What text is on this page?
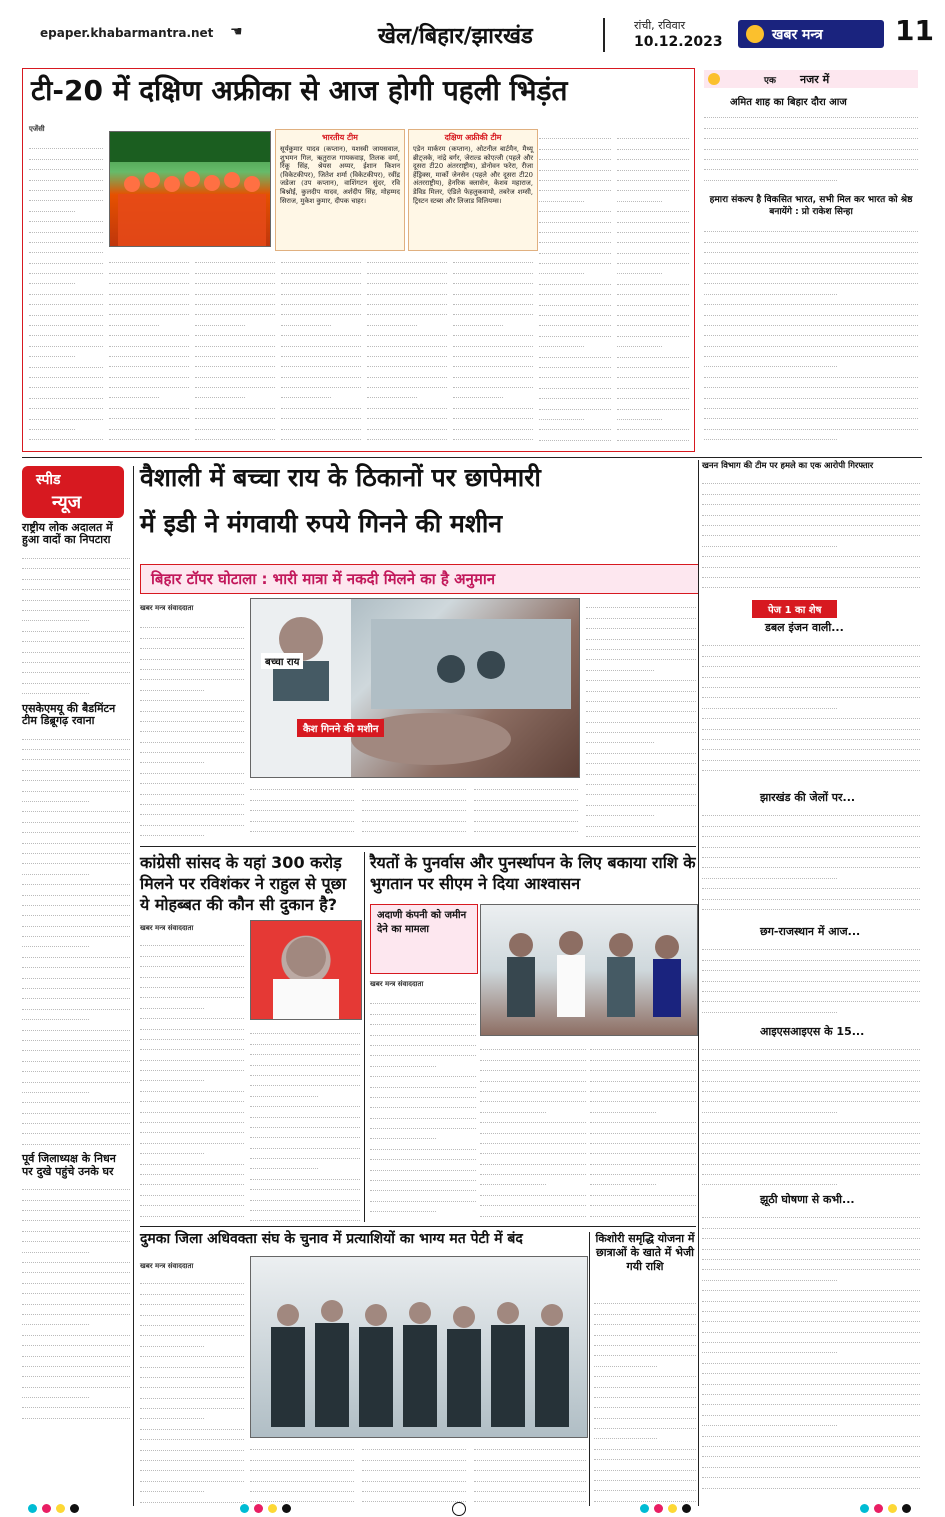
epaper.khabarmantra.net ☚	खेल/बिहार/झारखंड	रांची, रविवार
10.12.2023	खबर मन्त्र	11
टी-20 में दक्षिण अफ्रीका से आज होगी पहली भिड़ंत
भारतीय टीम
सूर्यकुमार यादव (कप्तान), यशस्वी जायसवाल, शुभमन गिल, ऋतुराज गायकवाड़, तिलक वर्मा, रिंकू सिंह, श्रेयस अय्यर, ईशान किशन (विकेटकीपर), जितेश शर्मा (विकेटकीपर), रवींद्र जडेजा (उप कप्तान), वाशिंगटन सुंदर, रवि बिश्नोई, कुलदीप यादव, अर्शदीप सिंह, मोहम्मद सिराज, मुकेश कुमार, दीपक चाहर।
दक्षिण अफ्रीकी टीम
एडेन मार्करम (कप्तान), ओटनील बार्टमैन, मैथ्यू ब्रीट्जके, नांद्रे बर्गर, जेराल्ड कोएत्जी (पहले और दूसरा टी20 अंतरराष्ट्रीय), डोनोवन फरेरा, रीजा हेंड्रिक्स, मार्को जेनसेन (पहले और दूसरा टी20 अंतरराष्ट्रीय), हेनरिक क्लासेन, केशव महाराज, डेविड मिलर, एंडिले फेहलुकवायो, तबरेज शम्सी, ट्रिस्टन स्टब्स और लिजाड विलियम्स।
एजेंसी
एक नजर में
अमित शाह का बिहार दौरा आज
हमारा संकल्प है विकसित भारत, सभी मिल कर भारत को श्रेष्ठ बनायेंगे : प्रो राकेश सिन्हा
स्पीड
न्यूज
राष्ट्रीय लोक अदालत में हुआ वादों का निपटारा
एसकेएमयू की बैडमिंटन टीम डिब्रूगढ़ रवाना
पूर्व जिलाध्यक्ष के निधन पर दुखे पहुंचे उनके घर
वैशाली में बच्चा राय के ठिकानों पर छापेमारी
में इडी ने मंगवायी रुपये गिनने की मशीन
बिहार टॉपर घोटाला : भारी मात्रा में नकदी मिलने का है अनुमान
खबर मन्त्र संवाददाता
बच्चा राय
कैश गिनने की मशीन
खनन विभाग की टीम पर हमले का एक आरोपी गिरफ्तार
पेज 1 का शेष
डबल इंजन वाली...
झारखंड की जेलों पर...
छग-राजस्थान में आज...
आइएसआइएस के 15...
झूठी घोषणा से कभी...
कांग्रेसी सांसद के यहां 300 करोड़ मिलने पर रविशंकर ने राहुल से पूछा ये मोहब्बत की कौन सी दुकान है?
खबर मन्त्र संवाददाता
रैयतों के पुनर्वास और पुनर्स्थापन के लिए बकाया राशि के भुगतान पर सीएम ने दिया आश्वासन
अदाणी कंपनी को जमीन देने का मामला
खबर मन्त्र संवाददाता
दुमका जिला अधिवक्ता संघ के चुनाव में प्रत्याशियों का भाग्य मत पेटी में बंद
खबर मन्त्र संवाददाता
किशोरी समृद्धि योजना में छात्राओं के खाते में भेजी गयी राशि
